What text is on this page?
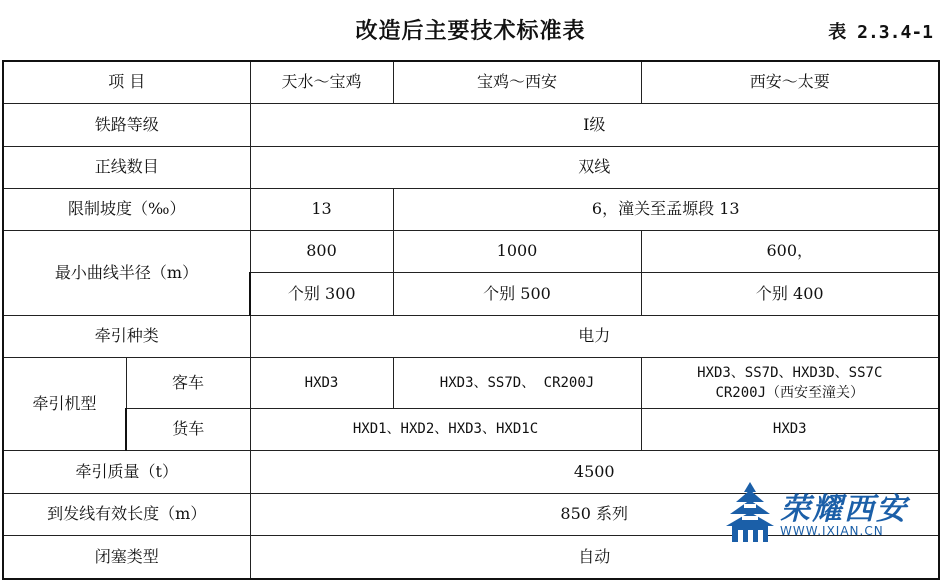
改造后主要技术标准表	表 2.3.4-1
项 目		天水～宝鸡	宝鸡～西安	西安～太要
铁路等级		Ⅰ级		
正线数目		双线		
限制坡度（‰）		13	6，潼关至孟塬段 13	
最小曲线半径（m）		800	1000	600，
		个别 300	个别 500	个别 400
牵引种类		电力		
牵引机型	客车	HXD3	HXD3、SS7D、 CR200J	HXD3、SS7D、HXD3D、SS7C
CR200J（西安至潼关）

	货车	HXD1、HXD2、HXD3、HXD1C		HXD3
牵引质量（t）		4500		
到发线有效长度（m）		850 系列		
闭塞类型		自动		
荣耀西安
WWW.IXIAN.CN
